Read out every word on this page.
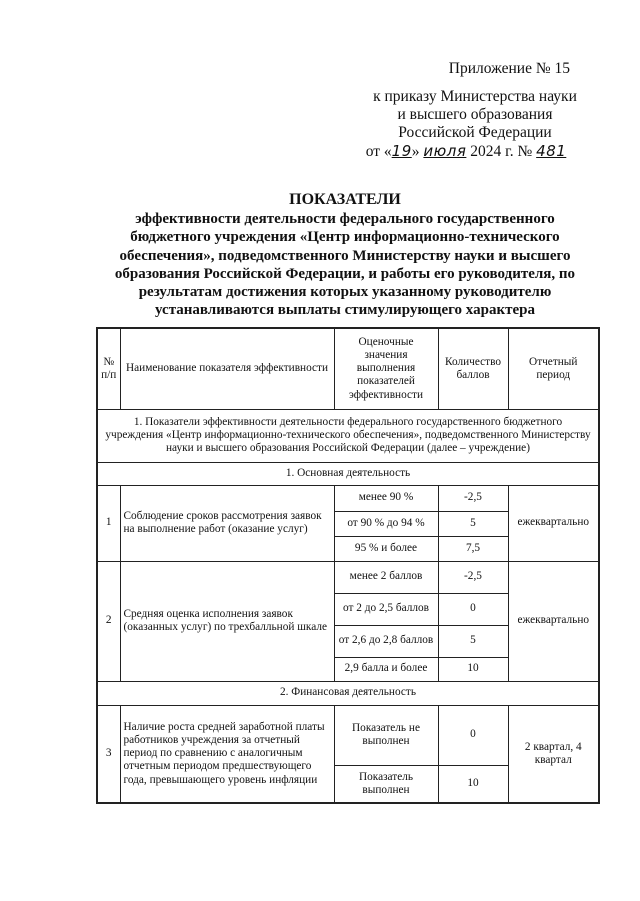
Приложение № 15
к приказу Министерства науки
и высшего образования
Российской Федерации
от «19» июля 2024 г. № 481
ПОКАЗАТЕЛИ
эффективности деятельности федерального государственного бюджетного учреждения «Центр информационно-технического обеспечения», подведомственного Министерству науки и высшего образования Российской Федерации, и работы его руководителя, по результатам достижения которых указанному руководителю устанавливаются выплаты стимулирующего характера
№ п/п	Наименование показателя эффективности	Оценочные значения выполнения показателей эффективности	Количество баллов	Отчетный период
1. Показатели эффективности деятельности федерального государственного бюджетного учреждения «Центр информационно-технического обеспечения», подведомственного Министерству науки и высшего образования Российской Федерации (далее – учреждение)				
1. Основная деятельность				
1	Соблюдение сроков рассмотрения заявок на выполнение работ (оказание услуг)	менее 90 %	-2,5	ежеквартально
		от 90 % до 94 %	5	
		95 % и более	7,5	
2	Средняя оценка исполнения заявок (оказанных услуг) по трехбалльной шкале	менее 2 баллов	-2,5	ежеквартально
		от 2 до 2,5 баллов	0	
		от 2,6 до 2,8 баллов	5	
		2,9 балла и более	10	
2. Финансовая деятельность				
3	Наличие роста средней заработной платы работников учреждения за отчетный период по сравнению с аналогичным отчетным периодом предшествующего года, превышающего уровень инфляции	Показатель не выполнен	0	2 квартал, 4 квартал
		Показатель выполнен	10	
